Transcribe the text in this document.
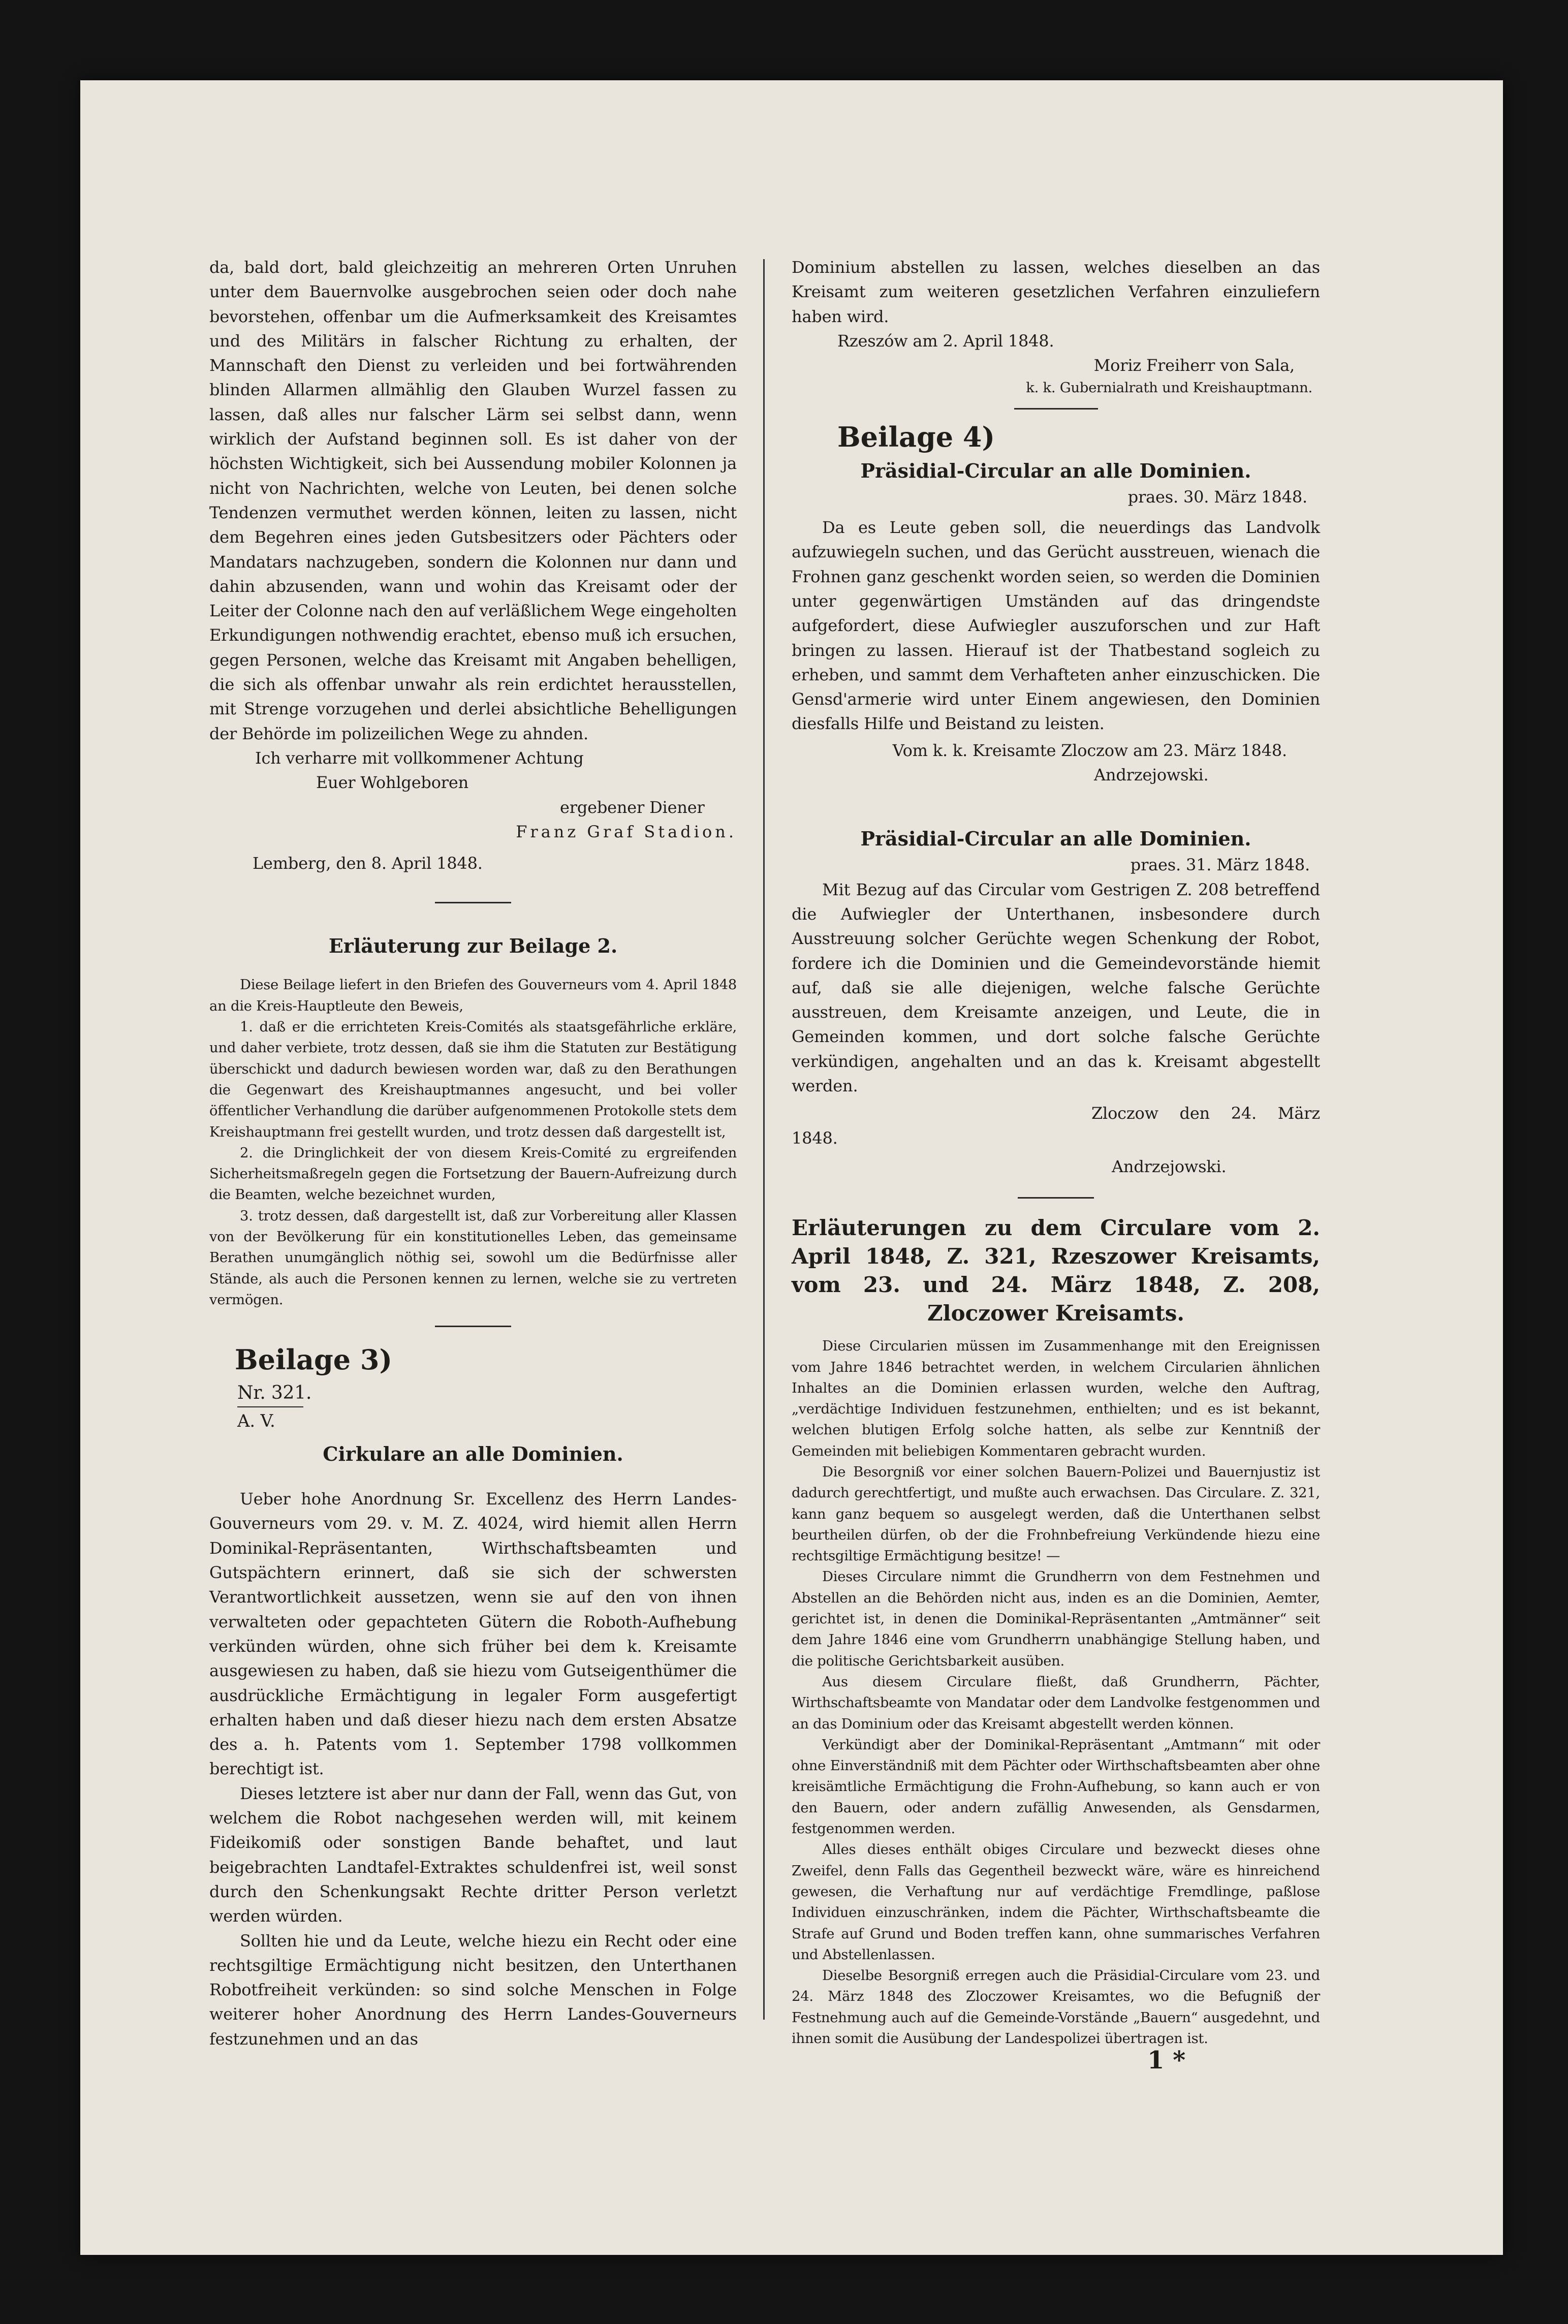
da, bald dort, bald gleichzeitig an mehreren Orten Unruhen unter dem Bauernvolke ausgebrochen seien oder doch nahe bevorstehen, offenbar um die Aufmerksamkeit des Kreisamtes und des Militärs in falscher Richtung zu erhalten, der Mannschaft den Dienst zu verleiden und bei fortwährenden blinden Allarmen allmählig den Glauben Wurzel fassen zu lassen, daß alles nur falscher Lärm sei selbst dann, wenn wirklich der Aufstand beginnen soll. Es ist daher von der höchsten Wichtigkeit, sich bei Aussendung mobiler Kolonnen ja nicht von Nachrichten, welche von Leuten, bei denen solche Tendenzen vermuthet werden können, leiten zu lassen, nicht dem Begehren eines jeden Gutsbesitzers oder Pächters oder Mandatars nachzugeben, sondern die Kolonnen nur dann und dahin abzusenden, wann und wohin das Kreisamt oder der Leiter der Colonne nach den auf verläßlichem Wege eingeholten Erkundigungen nothwendig erachtet, ebenso muß ich ersuchen, gegen Personen, welche das Kreisamt mit Angaben behelligen, die sich als offenbar unwahr als rein erdichtet herausstellen, mit Strenge vorzugehen und derlei absichtliche Behelligungen der Behörde im polizeilichen Wege zu ahnden.

Ich verharre mit vollkommener Achtung

Euer Wohlgeboren

ergebener Diener

Franz Graf Stadion.

Lemberg, den 8. April 1848.

Erläuterung zur Beilage 2.

Diese Beilage liefert in den Briefen des Gouverneurs vom 4. April 1848 an die Kreis-Hauptleute den Beweis,

1. daß er die errichteten Kreis-Comités als staatsgefährliche erkläre, und daher verbiete, trotz dessen, daß sie ihm die Statuten zur Bestätigung überschickt und dadurch bewiesen worden war, daß zu den Berathungen die Gegenwart des Kreishauptmannes angesucht, und bei voller öffentlicher Verhandlung die darüber aufgenommenen Protokolle stets dem Kreishauptmann frei gestellt wurden, und trotz dessen daß dargestellt ist,

2. die Dringlichkeit der von diesem Kreis-Comité zu ergreifenden Sicherheitsmaßregeln gegen die Fortsetzung der Bauern-Aufreizung durch die Beamten, welche bezeichnet wurden,

3. trotz dessen, daß dargestellt ist, daß zur Vorbereitung aller Klassen von der Bevölkerung für ein konstitutionelles Leben, das gemeinsame Berathen unumgänglich nöthig sei, sowohl um die Bedürfnisse aller Stände, als auch die Personen kennen zu lernen, welche sie zu vertreten vermögen.

Beilage 3)
Nr. 321.
A. V.
Cirkulare an alle Dominien.

Ueber hohe Anordnung Sr. Excellenz des Herrn Landes-Gouverneurs vom 29. v. M. Z. 4024, wird hiemit allen Herrn Dominikal-Repräsentanten, Wirthschaftsbeamten und Gutspächtern erinnert, daß sie sich der schwersten Verantwortlichkeit aussetzen, wenn sie auf den von ihnen verwalteten oder gepachteten Gütern die Roboth-Aufhebung verkünden würden, ohne sich früher bei dem k. Kreisamte ausgewiesen zu haben, daß sie hiezu vom Gutseigenthümer die ausdrückliche Ermächtigung in legaler Form ausgefertigt erhalten haben und daß dieser hiezu nach dem ersten Absatze des a. h. Patents vom 1. September 1798 vollkommen berechtigt ist.

Dieses letztere ist aber nur dann der Fall, wenn das Gut, von welchem die Robot nachgesehen werden will, mit keinem Fideikomiß oder sonstigen Bande behaftet, und laut beigebrachten Landtafel-Extraktes schuldenfrei ist, weil sonst durch den Schenkungsakt Rechte dritter Person verletzt werden würden.

Sollten hie und da Leute, welche hiezu ein Recht oder eine rechtsgiltige Ermächtigung nicht besitzen, den Unterthanen Robotfreiheit verkünden: so sind solche Menschen in Folge weiterer hoher Anordnung des Herrn Landes-Gouverneurs festzunehmen und an das

Dominium abstellen zu lassen, welches dieselben an das Kreisamt zum weiteren gesetzlichen Verfahren einzuliefern haben wird.

Rzeszów am 2. April 1848.

Moriz Freiherr von Sala,

k. k. Gubernialrath und Kreishauptmann.

Beilage 4)
Präsidial-Circular an alle Dominien.

praes. 30. März 1848.

Da es Leute geben soll, die neuerdings das Landvolk aufzuwiegeln suchen, und das Gerücht ausstreuen, wienach die Frohnen ganz geschenkt worden seien, so werden die Dominien unter gegenwärtigen Umständen auf das dringendste aufgefordert, diese Aufwiegler auszuforschen und zur Haft bringen zu lassen. Hierauf ist der Thatbestand sogleich zu erheben, und sammt dem Verhafteten anher einzuschicken. Die Gensd'armerie wird unter Einem angewiesen, den Dominien diesfalls Hilfe und Beistand zu leisten.

Vom k. k. Kreisamte Zloczow am 23. März 1848.

Andrzejowski.

Präsidial-Circular an alle Dominien.

praes. 31. März 1848.

Mit Bezug auf das Circular vom Gestrigen Z. 208 betreffend die Aufwiegler der Unterthanen, insbesondere durch Ausstreuung solcher Gerüchte wegen Schenkung der Robot, fordere ich die Dominien und die Gemeindevorstände hiemit auf, daß sie alle diejenigen, welche falsche Gerüchte ausstreuen, dem Kreisamte anzeigen, und Leute, die in Gemeinden kommen, und dort solche falsche Gerüchte verkündigen, angehalten und an das k. Kreisamt abgestellt werden.

Zloczow den 24. März 1848.

Andrzejowski.

Erläuterungen zu dem Circulare vom 2. April 1848, Z. 321, Rzeszower Kreisamts, vom 23. und 24. März 1848, Z. 208, Zloczower Kreisamts.

Diese Circularien müssen im Zusammenhange mit den Ereignissen vom Jahre 1846 betrachtet werden, in welchem Circularien ähnlichen Inhaltes an die Dominien erlassen wurden, welche den Auftrag, „verdächtige Individuen festzunehmen, enthielten; und es ist bekannt, welchen blutigen Erfolg solche hatten, als selbe zur Kenntniß der Gemeinden mit beliebigen Kommentaren gebracht wurden.

Die Besorgniß vor einer solchen Bauern-Polizei und Bauernjustiz ist dadurch gerechtfertigt, und mußte auch erwachsen. Das Circulare. Z. 321, kann ganz bequem so ausgelegt werden, daß die Unterthanen selbst beurtheilen dürfen, ob der die Frohnbefreiung Verkündende hiezu eine rechtsgiltige Ermächtigung besitze! —

Dieses Circulare nimmt die Grundherrn von dem Festnehmen und Abstellen an die Behörden nicht aus, inden es an die Dominien, Aemter, gerichtet ist, in denen die Dominikal-Repräsentanten „Amtmänner“ seit dem Jahre 1846 eine vom Grundherrn unabhängige Stellung haben, und die politische Gerichtsbarkeit ausüben.

Aus diesem Circulare fließt, daß Grundherrn, Pächter, Wirthschaftsbeamte von Mandatar oder dem Landvolke festgenommen und an das Dominium oder das Kreisamt abgestellt werden können.

Verkündigt aber der Dominikal-Repräsentant „Amtmann“ mit oder ohne Einverständniß mit dem Pächter oder Wirthschaftsbeamten aber ohne kreisämtliche Ermächtigung die Frohn-Aufhebung, so kann auch er von den Bauern, oder andern zufällig Anwesenden, als Gensdarmen, festgenommen werden.

Alles dieses enthält obiges Circulare und bezweckt dieses ohne Zweifel, denn Falls das Gegentheil bezweckt wäre, wäre es hinreichend gewesen, die Verhaftung nur auf verdächtige Fremdlinge, paßlose Individuen einzuschränken, indem die Pächter, Wirthschaftsbeamte die Strafe auf Grund und Boden treffen kann, ohne summarisches Verfahren und Abstellenlassen.

Dieselbe Besorgniß erregen auch die Präsidial-Circulare vom 23. und 24. März 1848 des Zloczower Kreisamtes, wo die Befugniß der Festnehmung auch auf die Gemeinde-Vorstände „Bauern“ ausgedehnt, und ihnen somit die Ausübung der Landespolizei übertragen ist.

1 *
